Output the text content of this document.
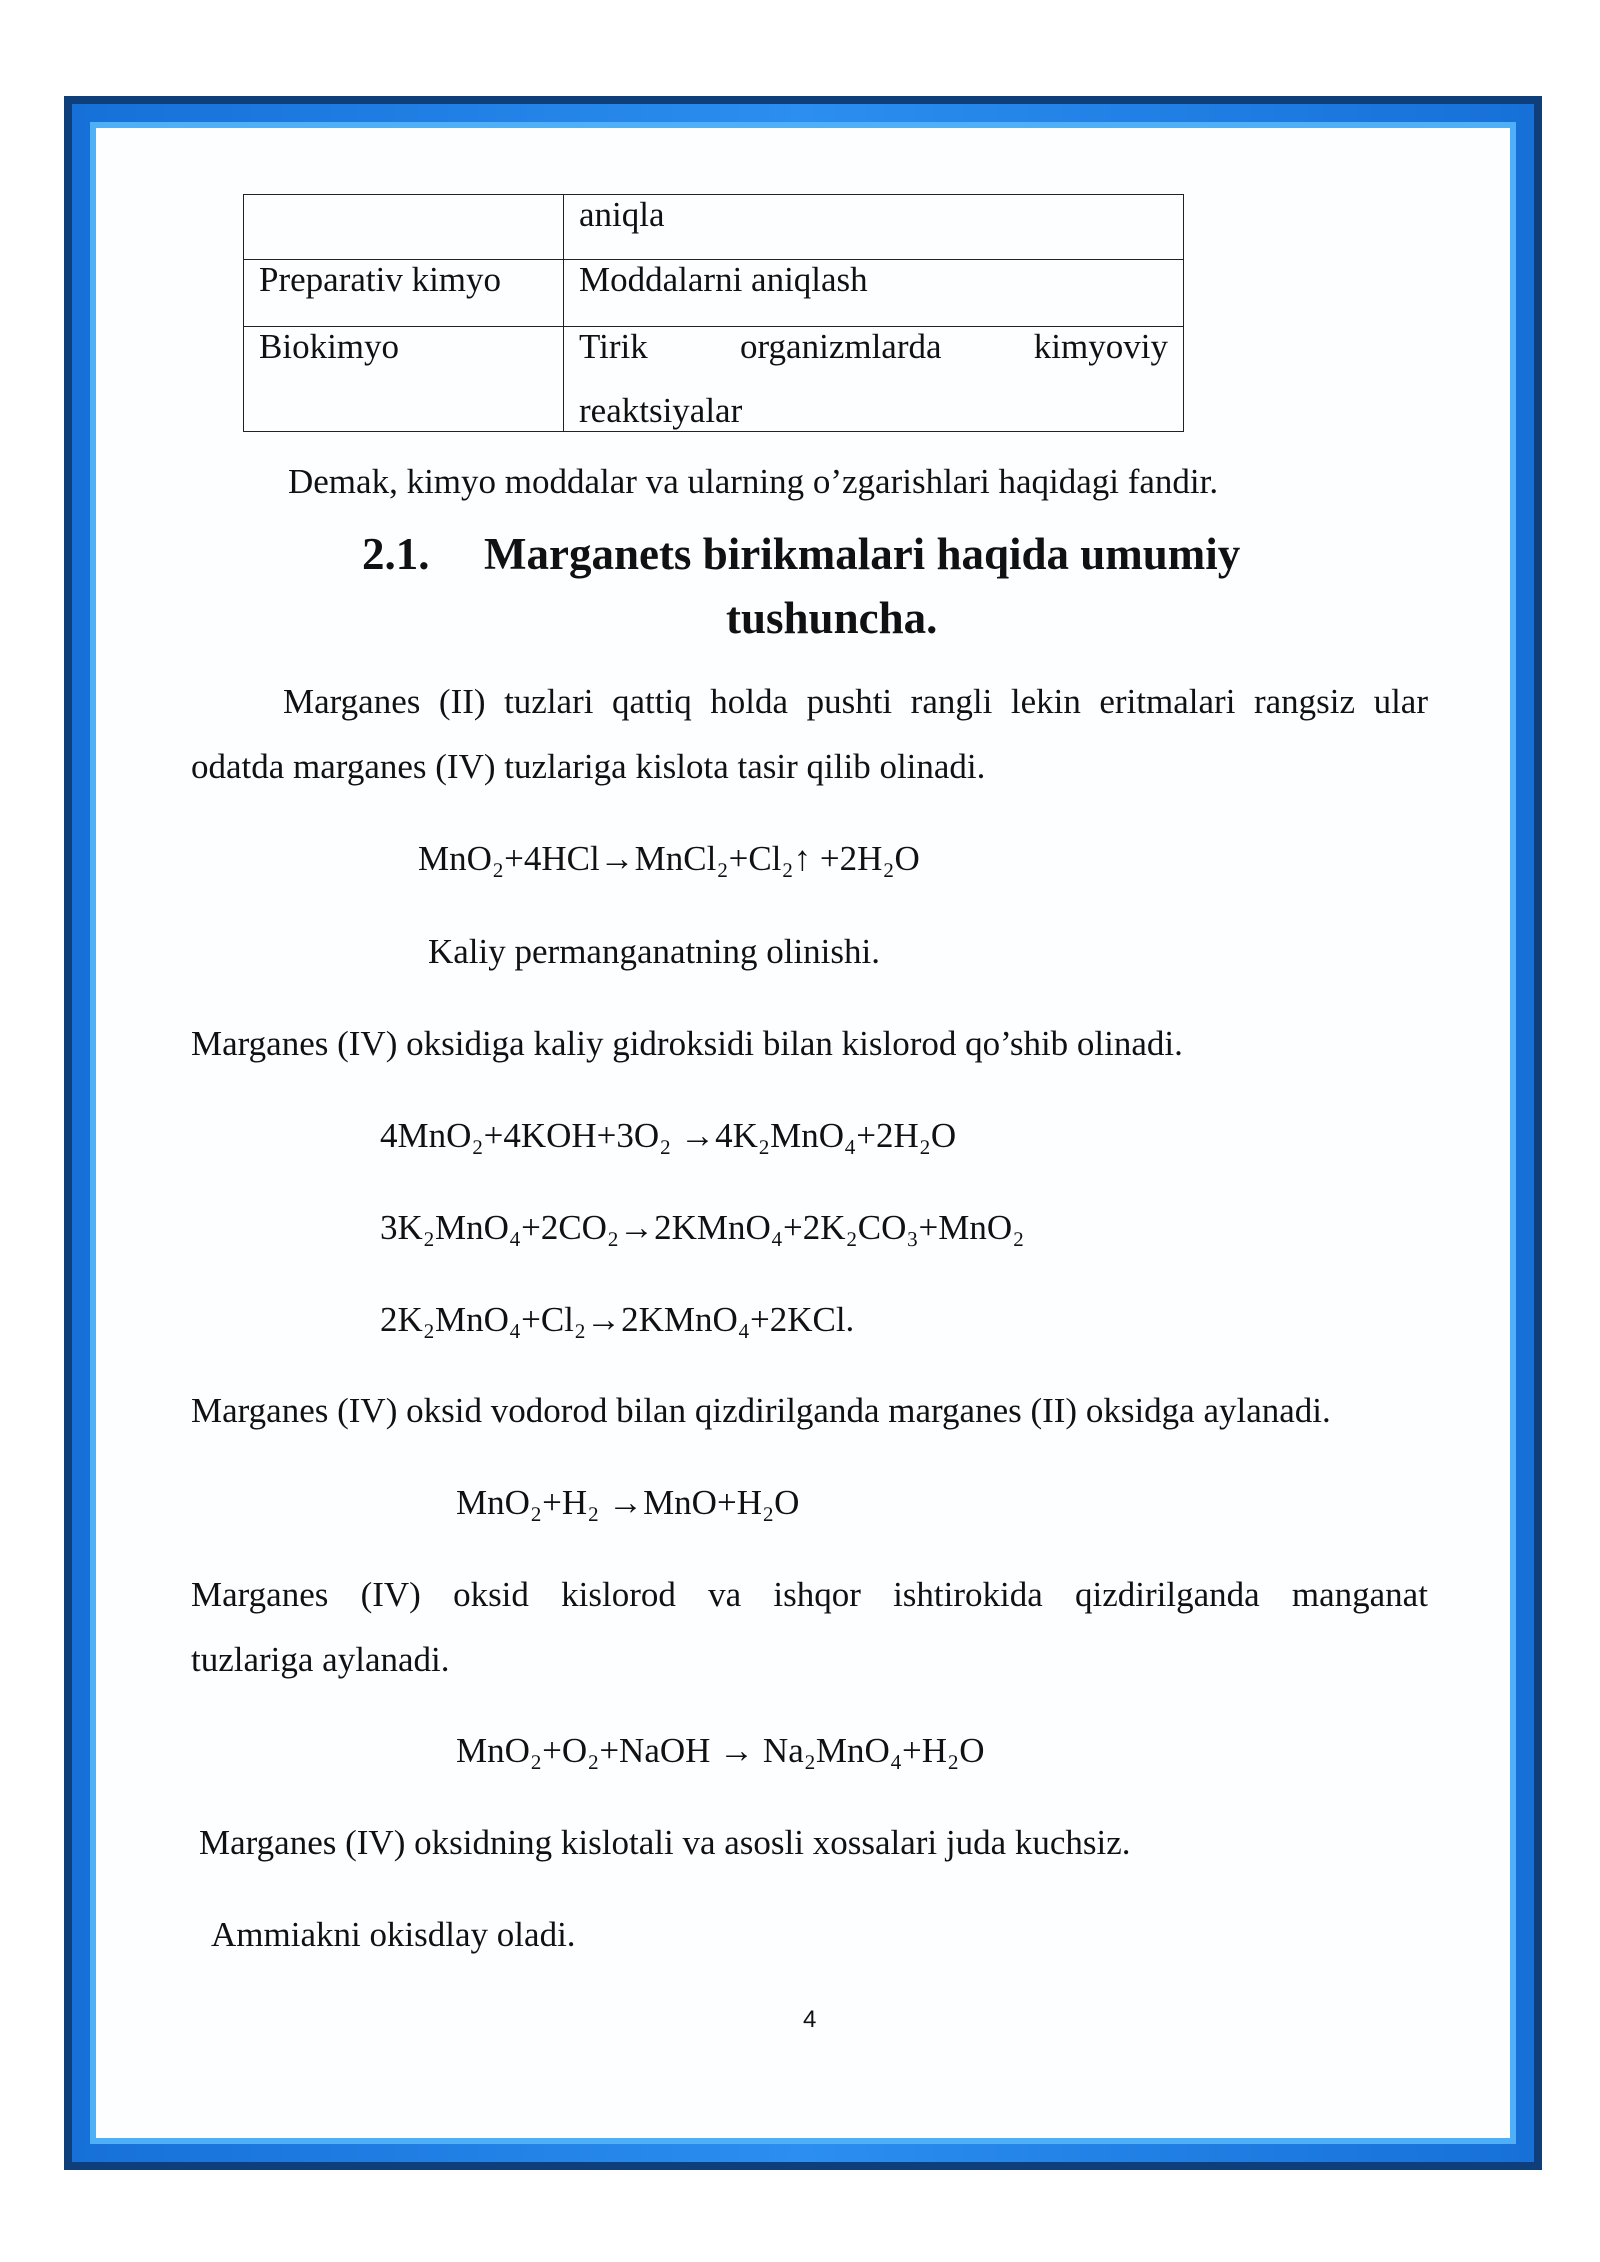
	aniqla
Preparativ kimyo	Moddalarni aniqlash
Biokimyo	Tirik organizmlarda kimyoviy
reaktsiyalar
Demak, kimyo moddalar va ularning o’zgarishlari haqidagi fandir.
2.1. Marganets birikmalari haqida umumiy
tushuncha.
Marganes (II) tuzlari qattiq holda pushti rangli lekin eritmalari rangsiz ular
odatda marganes (IV) tuzlariga kislota tasir qilib olinadi.
MnO₂+4HCl→MnCl₂+Cl₂↑ +2H₂O
Kaliy permanganatning olinishi.
Marganes (IV) oksidiga kaliy gidroksidi bilan kislorod qo’shib olinadi.
4MnO₂+4KOH+3O₂ →4K₂MnO₄+2H₂O
3K₂MnO₄+2CO₂→2KMnO₄+2K₂CO₃+MnO₂
2K₂MnO₄+Cl₂→2KMnO₄+2KCl.
Marganes (IV) oksid vodorod bilan qizdirilganda marganes (II) oksidga aylanadi.
MnO₂+H₂ →MnO+H₂O
Marganes (IV) oksid kislorod va ishqor ishtirokida qizdirilganda manganat
tuzlariga aylanadi.
MnO₂+O₂+NaOH → Na₂MnO₄+H₂O
Marganes (IV) oksidning kislotali va asosli xossalari juda kuchsiz.
Ammiakni okisdlay oladi.
4
